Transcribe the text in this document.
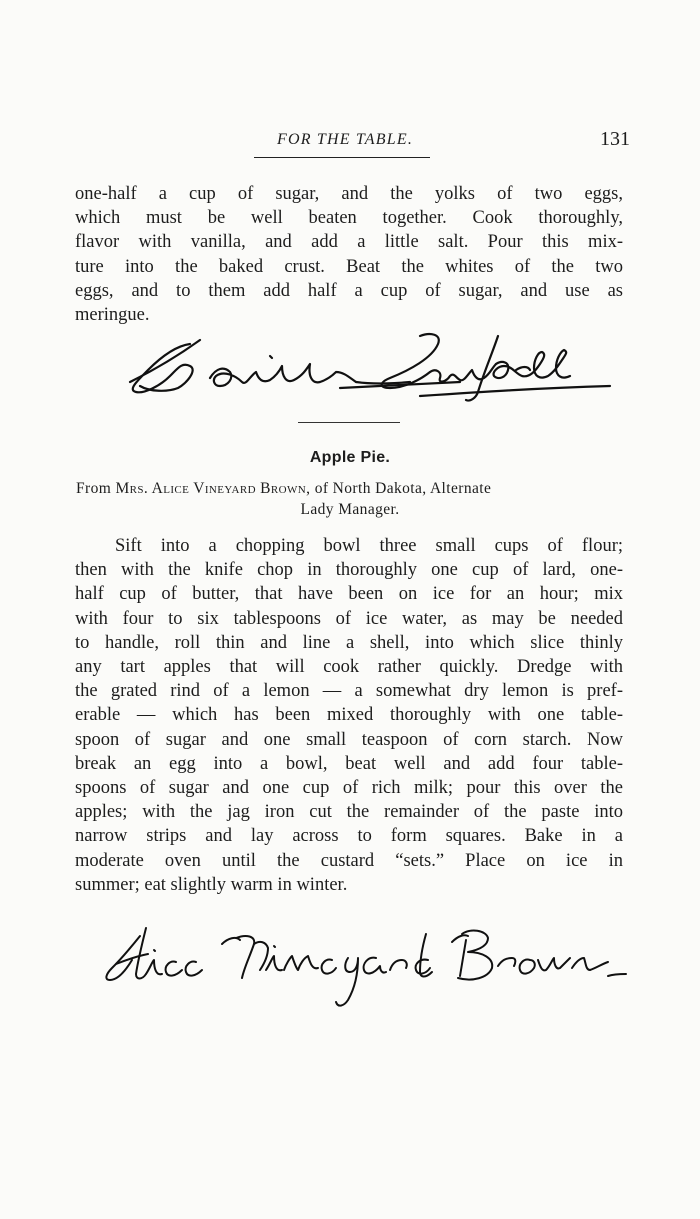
FOR THE TABLE.	131
one-half a cup of sugar, and the yolks of two eggs,
which must be well beaten together. Cook thoroughly,
flavor with vanilla, and add a little salt. Pour this mix-
ture into the baked crust. Beat the whites of the two
eggs, and to them add half a cup of sugar, and use as
meringue.
Apple Pie.
From Mrs. Alice Vineyard Brown, of North Dakota, Alternate
Lady Manager.
Sift into a chopping bowl three small cups of flour;
then with the knife chop in thoroughly one cup of lard, one-
half cup of butter, that have been on ice for an hour; mix
with four to six tablespoons of ice water, as may be needed
to handle, roll thin and line a shell, into which slice thinly
any tart apples that will cook rather quickly. Dredge with
the grated rind of a lemon — a somewhat dry lemon is pref-
erable — which has been mixed thoroughly with one table-
spoon of sugar and one small teaspoon of corn starch. Now
break an egg into a bowl, beat well and add four table-
spoons of sugar and one cup of rich milk; pour this over the
apples; with the jag iron cut the remainder of the paste into
narrow strips and lay across to form squares. Bake in a
moderate oven until the custard “sets.” Place on ice in
summer; eat slightly warm in winter.
